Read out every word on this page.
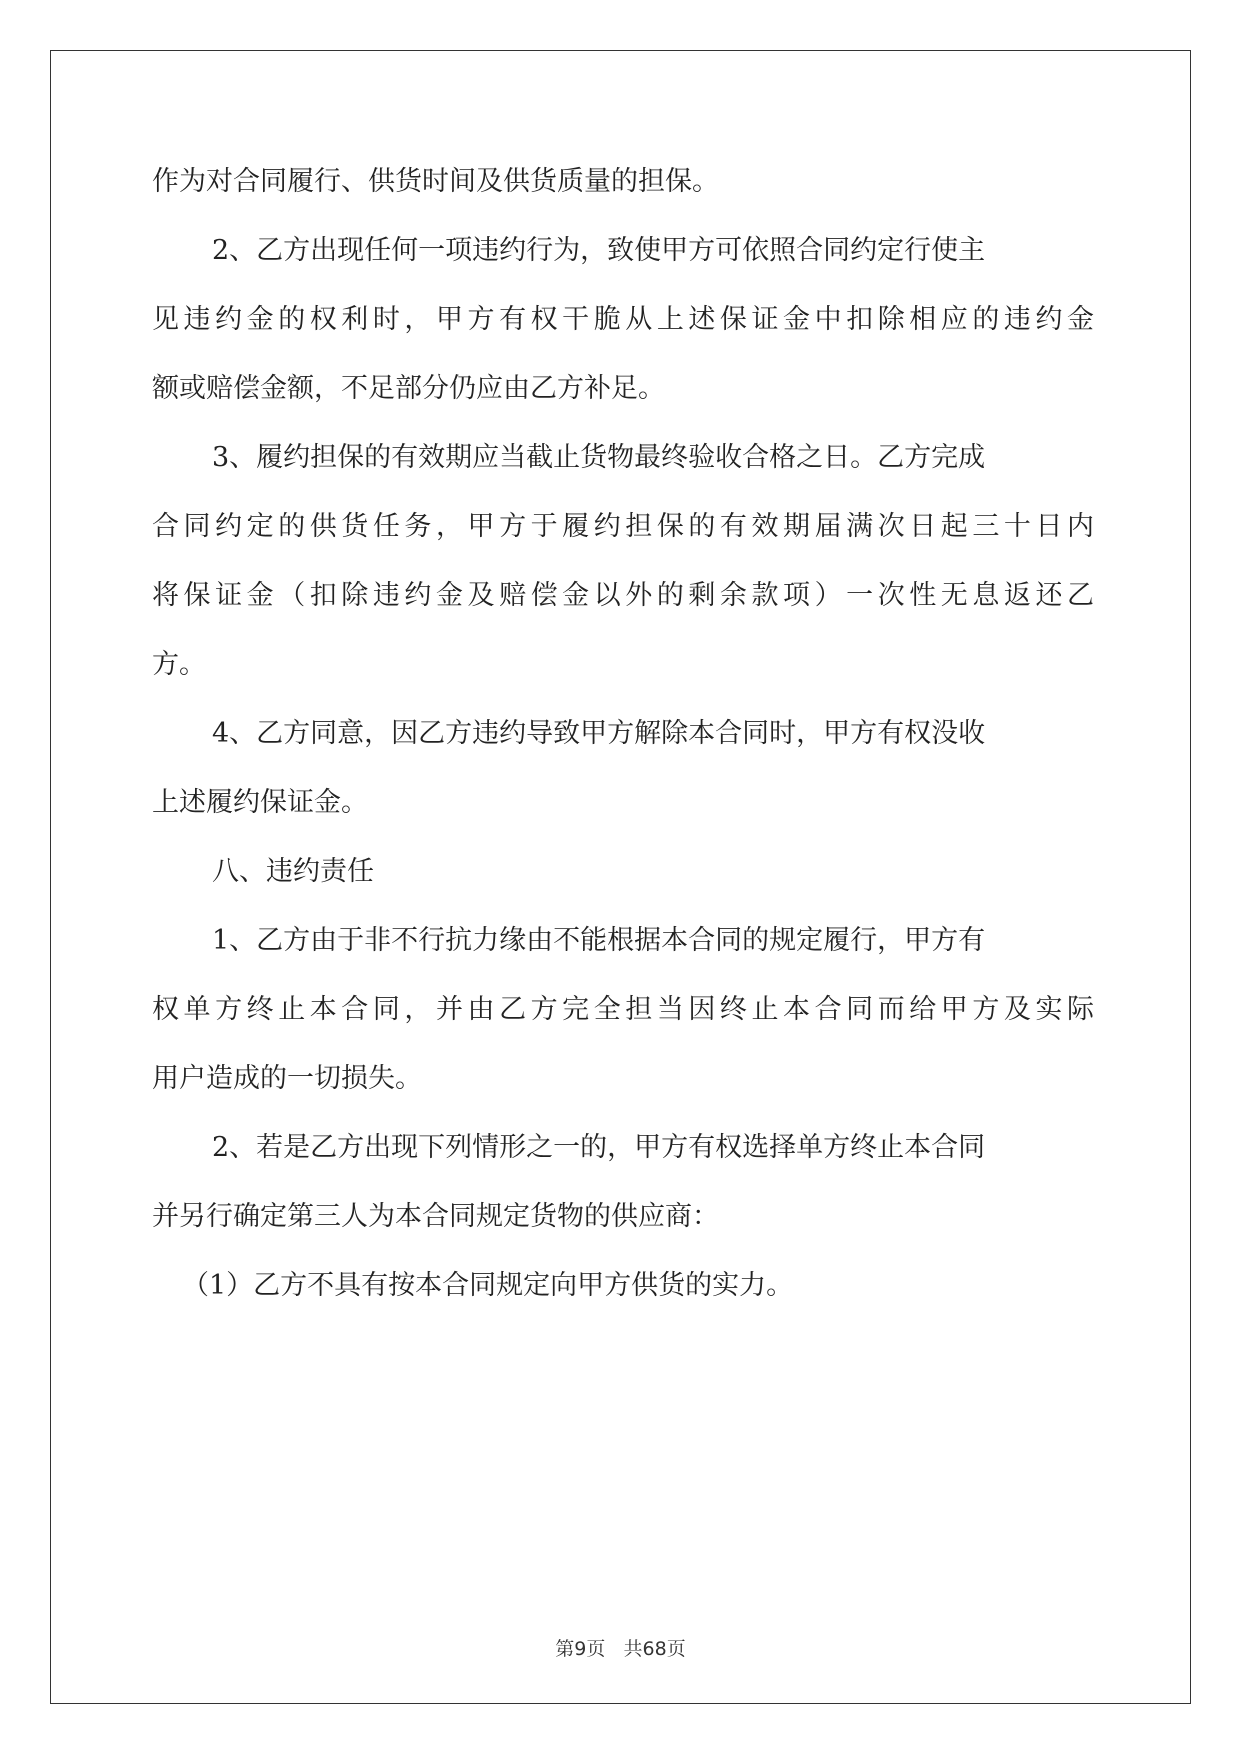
作为对合同履行、供货时间及供货质量的担保。
2、乙方出现任何一项违约行为，致使甲方可依照合同约定行使主
见违约金的权利时，甲方有权干脆从上述保证金中扣除相应的违约金
额或赔偿金额，不足部分仍应由乙方补足。
3、履约担保的有效期应当截止货物最终验收合格之日。乙方完成
合同约定的供货任务，甲方于履约担保的有效期届满次日起三十日内
将保证金（扣除违约金及赔偿金以外的剩余款项）一次性无息返还乙
方。
4、乙方同意，因乙方违约导致甲方解除本合同时，甲方有权没收
上述履约保证金。
八、违约责任
1、乙方由于非不行抗力缘由不能根据本合同的规定履行，甲方有
权单方终止本合同，并由乙方完全担当因终止本合同而给甲方及实际
用户造成的一切损失。
2、若是乙方出现下列情形之一的，甲方有权选择单方终止本合同
并另行确定第三人为本合同规定货物的供应商：
（1）乙方不具有按本合同规定向甲方供货的实力。
第9页 共68页
